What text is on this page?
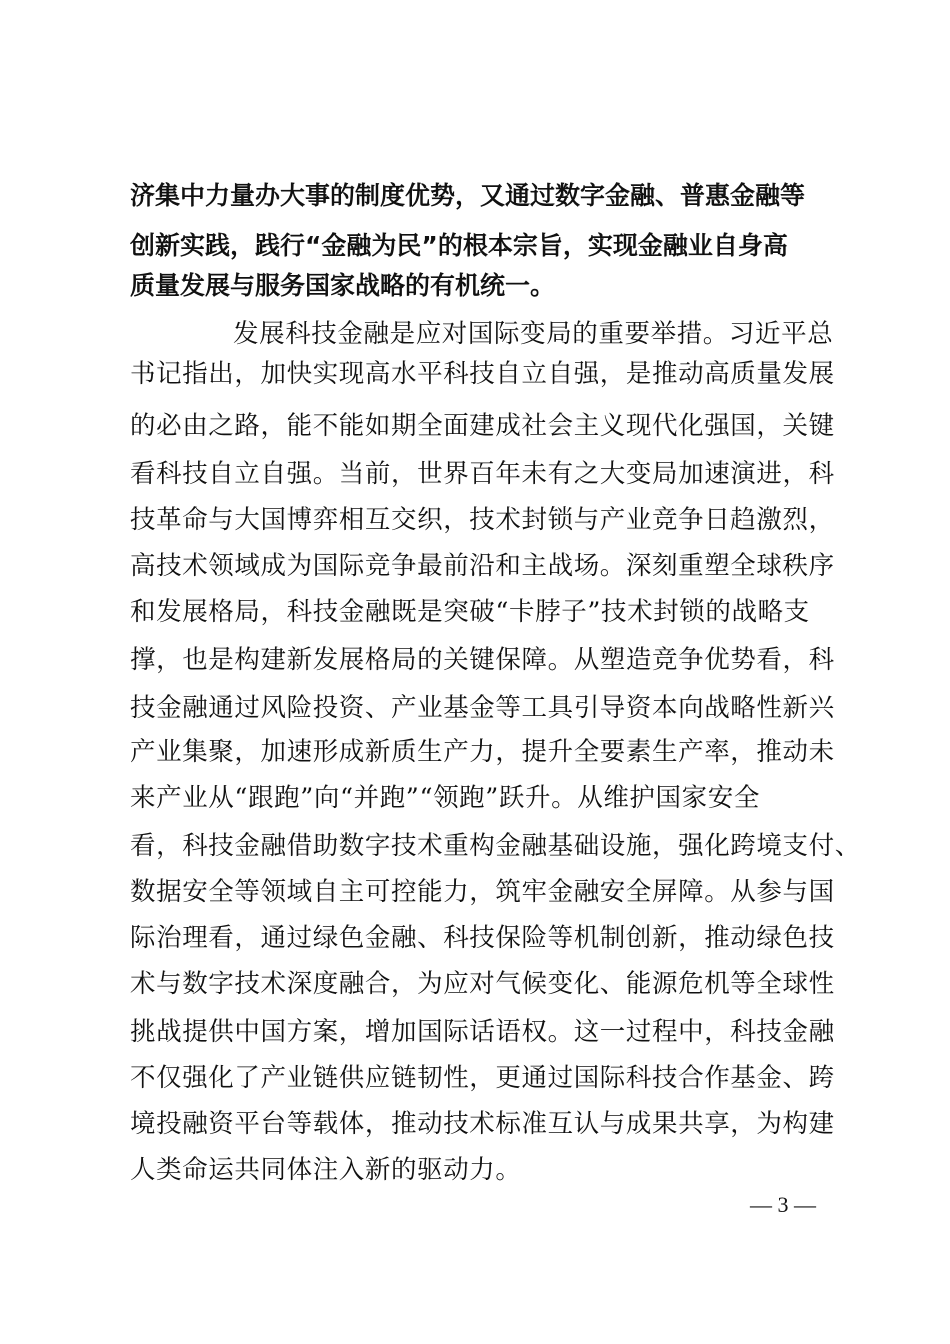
济集中力量办大事的制度优势，又通过数字金融、普惠金融等
创新实践，践行“金融为民”的根本宗旨，实现金融业自身高
质量发展与服务国家战略的有机统一。
发展科技金融是应对国际变局的重要举措。习近平总
书记指出，加快实现高水平科技自立自强，是推动高质量发展
的必由之路，能不能如期全面建成社会主义现代化强国，关键
看科技自立自强。当前，世界百年未有之大变局加速演进，科
技革命与大国博弈相互交织，技术封锁与产业竞争日趋激烈，
高技术领域成为国际竞争最前沿和主战场。深刻重塑全球秩序
和发展格局，科技金融既是突破“卡脖子”技术封锁的战略支
撑，也是构建新发展格局的关键保障。从塑造竞争优势看，科
技金融通过风险投资、产业基金等工具引导资本向战略性新兴
产业集聚，加速形成新质生产力，提升全要素生产率，推动未
来产业从“跟跑”向“并跑”“领跑”跃升。从维护国家安全
看，科技金融借助数字技术重构金融基础设施，强化跨境支付、
数据安全等领域自主可控能力，筑牢金融安全屏障。从参与国
际治理看，通过绿色金融、科技保险等机制创新，推动绿色技
术与数字技术深度融合，为应对气候变化、能源危机等全球性
挑战提供中国方案，增加国际话语权。这一过程中，科技金融
不仅强化了产业链供应链韧性，更通过国际科技合作基金、跨
境投融资平台等载体，推动技术标准互认与成果共享，为构建
人类命运共同体注入新的驱动力。
— 3 —
